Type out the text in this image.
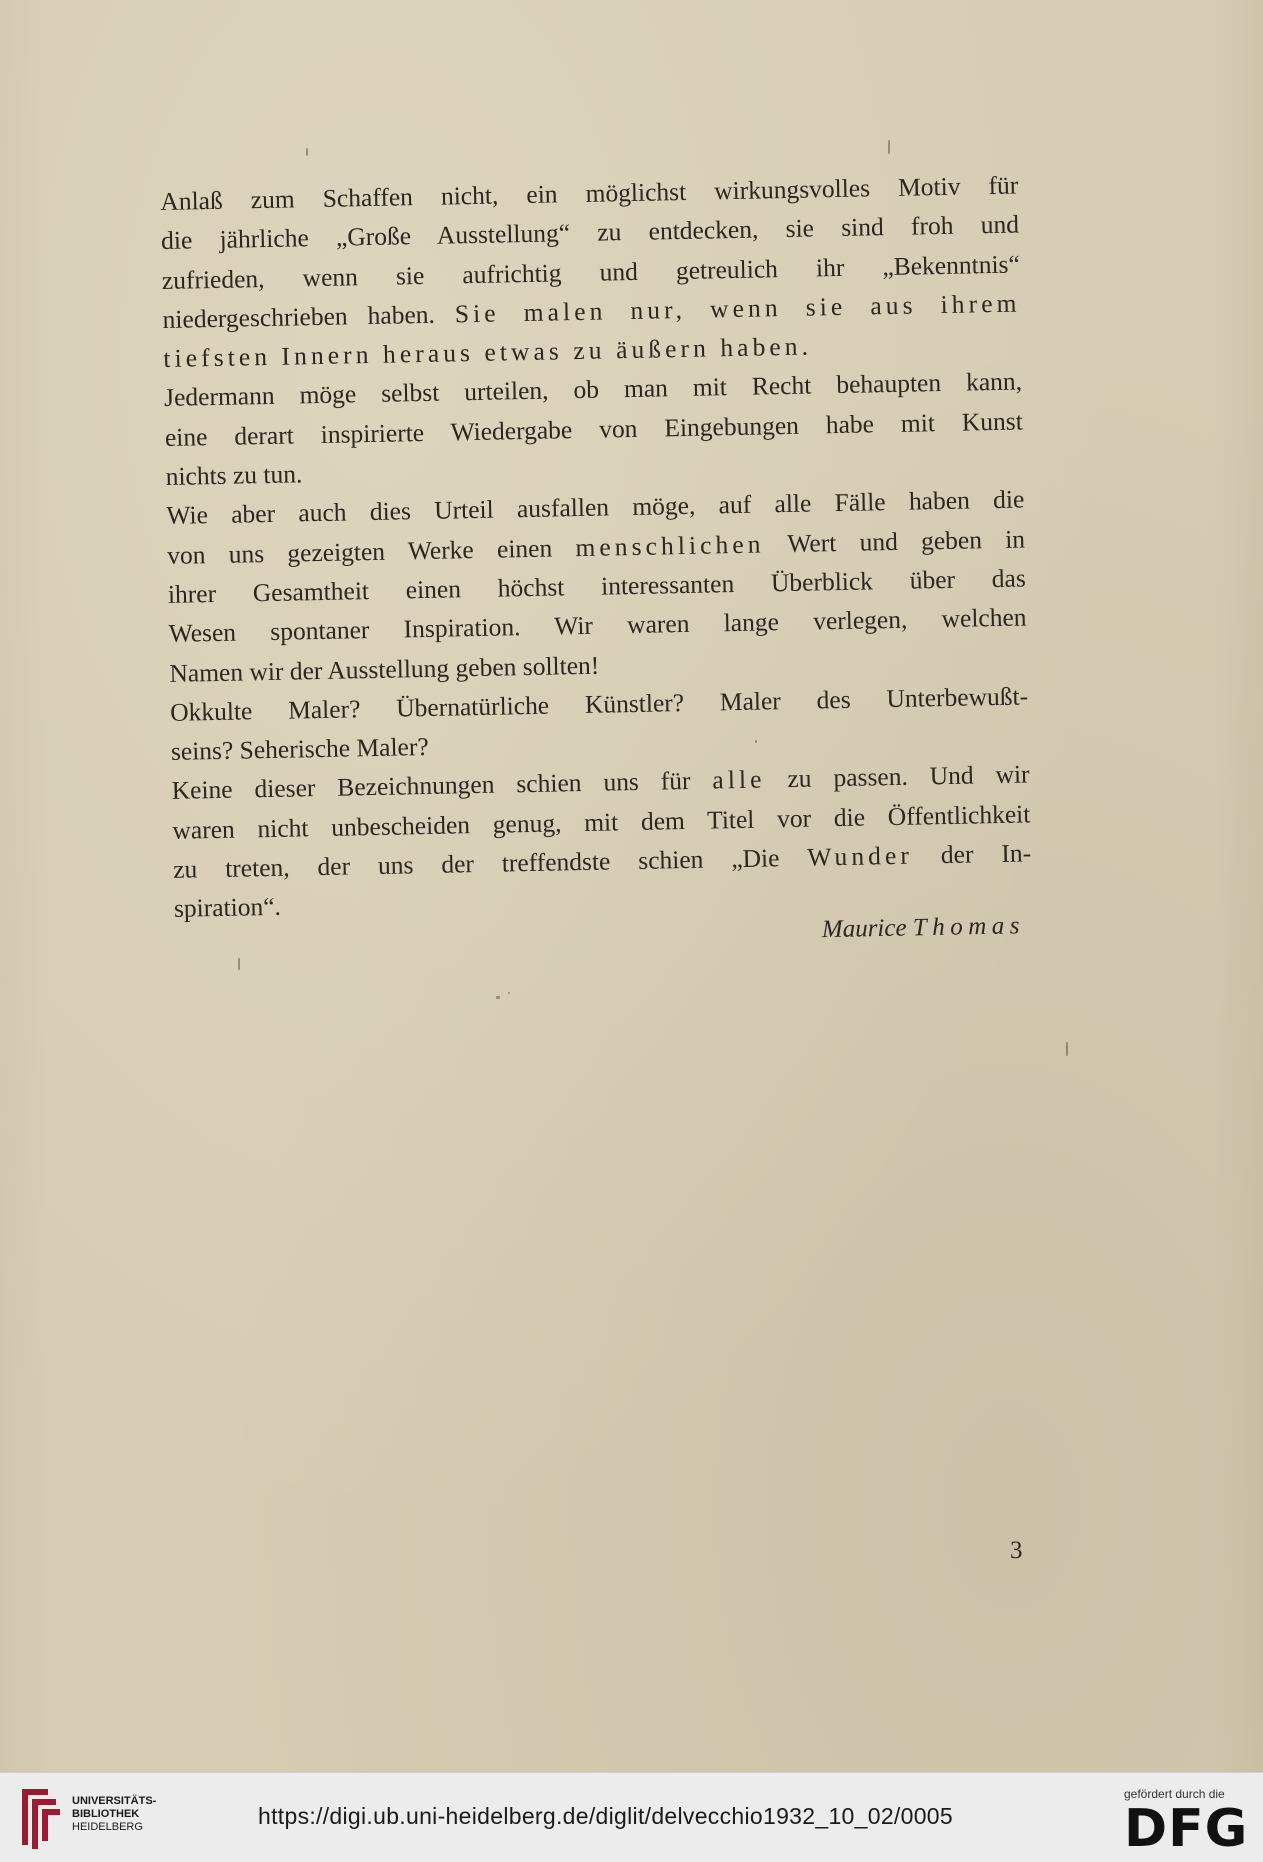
Anlaß zum Schaffen nicht, ein möglichst wirkungsvolles Motiv für
die jährliche „Große Ausstellung“ zu entdecken, sie sind froh und
zufrieden, wenn sie aufrichtig und getreulich ihr „Bekenntnis“
niedergeschrieben haben. Sie malen nur, wenn sie aus ihrem
tiefsten Innern heraus etwas zu äußern haben.
Jedermann möge selbst urteilen, ob man mit Recht behaupten kann,
eine derart inspirierte Wiedergabe von Eingebungen habe mit Kunst
nichts zu tun.
Wie aber auch dies Urteil ausfallen möge, auf alle Fälle haben die
von uns gezeigten Werke einen menschlichen Wert und geben in
ihrer Gesamtheit einen höchst interessanten Überblick über das
Wesen spontaner Inspiration. Wir waren lange verlegen, welchen
Namen wir der Ausstellung geben sollten!
Okkulte Maler? Übernatürliche Künstler? Maler des Unterbewußt-
seins? Seherische Maler?
Keine dieser Bezeichnungen schien uns für alle zu passen. Und wir
waren nicht unbescheiden genug, mit dem Titel vor die Öffentlichkeit
zu treten, der uns der treffendste schien „Die Wunder der In-
spiration“.
Maurice Thomas
3
UNIVERSITÄTS-
BIBLIOTHEK
HEIDELBERG	https://digi.ub.uni-heidelberg.de/diglit/delvecchio1932_10_02/0005
gefördert durch die
DFG
